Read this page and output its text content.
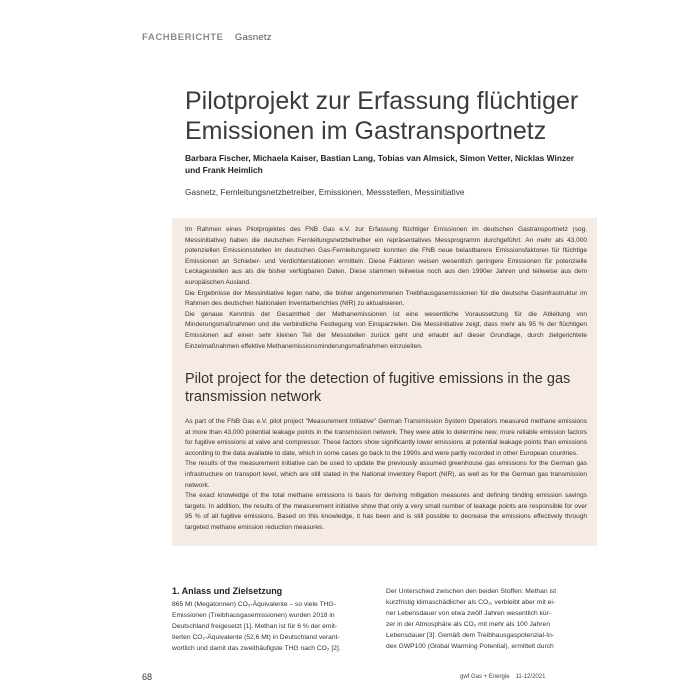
FACHBERICHTE Gasnetz
Pilotprojekt zur Erfassung flüchtiger Emissionen im Gastransportnetz
Barbara Fischer, Michaela Kaiser, Bastian Lang, Tobias van Almsick, Simon Vetter, Nicklas Winzer
und Frank Heimlich
Gasnetz, Fernleitungsnetzbetreiber, Emissionen, Messstellen, Messinitiative

Im Rahmen eines Pilotprojektes des FNB Gas e.V. zur Erfassung flüchtiger Emissionen im deutschen Gastransportnetz (sog. Messinitiative) haben die deutschen Fernleitungsnetzbetreiber ein repräsentatives Messprogramm durchgeführt. An mehr als 43.000 potenziellen Emissionsstellen im deutschen Gas-Fernleitungsnetz konnten die FNB neue belastbarere Emissionsfaktoren für flüchtige Emissionen an Schieber- und Verdichterstationen ermitteln. Diese Faktoren weisen wesentlich geringere Emissionen für potenzielle Leckagestellen aus als die bisher verfügbaren Daten. Diese stammen teilweise noch aus den 1990er Jahren und teilweise aus dem europäischen Ausland.

Die Ergebnisse der Messinitiative legen nahe, die bisher angenommenen Treibhausgasemissionen für die deutsche Gasinfrastruktur im Rahmen des deutschen Nationalen Inventarberichtes (NIR) zu aktualisieren.

Die genaue Kenntnis der Gesamtheit der Methanemissionen ist eine wesentliche Voraussetzung für die Ableitung von Minderungsmaßnahmen und die verbindliche Festlegung von Einsparzielen. Die Messinitiative zeigt, dass mehr als 95 % der flüchtigen Emissionen auf einen sehr kleinen Teil der Messstellen zurück geht und erlaubt auf dieser Grundlage, durch zielgerichtete Einzelmaßnahmen effektive Methanemissionsminderungsmaßnahmen einzuleiten.

Pilot project for the detection of fugitive emissions in the gas transmission network

As part of the FNB Gas e.V. pilot project "Measurement Initiative" German Transmission System Operators measured methane emissions at more than 43,000 potential leakage points in the transmission network. They were able to determine new, more reliable emission factors for fugitive emissions at valve and compressor. These factors show significantly lower emissions at potential leakage points than emissions according to the data available to date, which in some cases go back to the 1990s and were partly recorded in other European countries.

The results of the measurement initiative can be used to update the previously assumed greenhouse gas emissions for the German gas infrastructure on transport level, which are still stated in the National Inventory Report (NIR), as well as for the German gas transmission network.

The exact knowledge of the total methane emissions is basis for deriving mitigation measures and defining binding emission savings targets. In addition, the results of the measurement initiative show that only a very small number of leakage points are responsible for over 95 % of all fugitive emissions. Based on this knowledge, it has been and is still possible to decrease the emissions effectively through targeted methane emission reduction measures.

1. Anlass und Zielsetzung
865 Mt (Megatonnen) CO₂-Äquivalente – so viele THG-
Emissionen (Treibhausgasemissionen) wurden 2018 in
Deutschland freigesetzt [1]. Methan ist für 6 % der emit-
tierten CO₂-Äquivalente (52,6 Mt) in Deutschland verant-
wortlich und damit das zweithäufigste THG nach CO₂ [2].
Der Unterschied zwischen den beiden Stoffen: Methan ist
kurzfristig klimaschädlicher als CO₂, verbleibt aber mit ei-
ner Lebensdauer von etwa zwölf Jahren wesentlich kür-
zer in der Atmosphäre als CO₂ mit mehr als 100 Jahren
Lebensdauer [3]. Gemäß dem Treibhausgaspotenzial-In-
dex GWP100 (Global Warming Potential), ermittelt durch
68	gwf Gas + Energie 11-12/2021
